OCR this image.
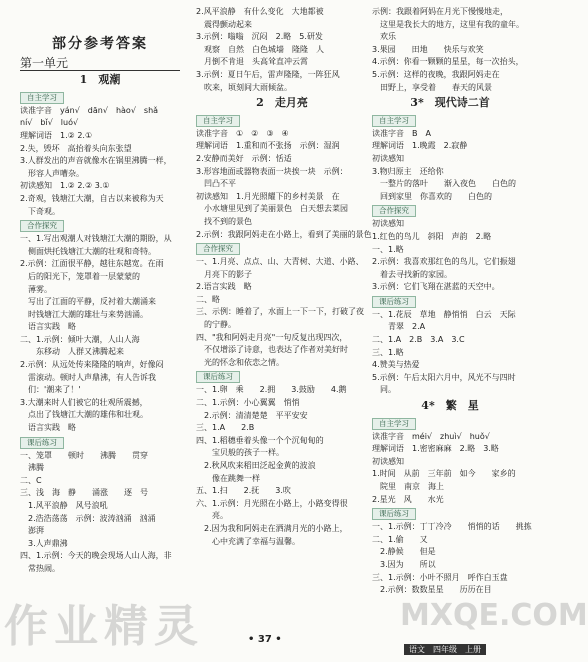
部分参考答案
第一单元
1　观潮
自主学习
读准字音　yán√　dān√　hào√　shǎ
ní√　bǐ√　luó√
理解词语　1.② 2.①
2.失，毁坏　高抬着头向东张望
3.人群发出的声音就像水在锅里沸腾一样，
　形容人声嘈杂。
初读感知　1.② 2.② 3.①
2.奇观，钱塘江大潮，自古以来被称为天
　下奇观。
合作探究
一、1.写出观潮人对钱塘江大潮的期盼，从
　侧面烘托钱塘江大潮的壮观和奇特。
2.示例：江面很平静，越往东越宽。在雨
　后的阳光下，笼罩着一层蒙蒙的
　薄雾。
　写出了江面的平静，反衬着大潮涌来
　时钱塘江大潮的雄壮与来势汹涌。
　语言实践　略
二、1.示例：倾叶大潮，人山人海
　　东移动　人群又沸腾起来
2.示例：从远处传来隆隆的响声，好像闷
　雷滚动。顿时人声鼎沸，有人告诉我
　们：'潮来了！'
3.大潮来时人们被它的壮观所震撼，
　点出了钱塘江大潮的雄伟和壮观。
　语言实践　略
课后练习
一、笼罩　　顿时　　沸腾　　贯穿
　沸腾
二、C
三、浅　海　静　　涌涨　　逐　号
　1.风平浪静　风号浪吼
　2.浩浩荡荡　示例：波涛汹涌　汹涌
　澎湃
　3.人声鼎沸
四、1.示例：今天的晚会现场人山人海，非
　常热闹。
2.风平浪静　有什么变化　大地都被
　震得颤动起来
3.示例：嗡嗡　沉闷　2.略　5.研发
　观察　自然　白色城墙　隆隆　人
　月倒不肯退　头高耸直冲云霄
3.示例：夏日午后，雷声隆隆，一阵狂风
　吹来，顷刻间大雨倾盆。
2　走月亮
自主学习
读准字音　①　②　③　④
理解词语　1.重和而不张扬　示例：湿润
2.安静而美好　示例：恬适
3.形容地面或器物表面一块挨一块　示例：
　凹凸不平
初读感知　1.月光照耀下的乡村美景　在
　小水塘里见到了美丽景色　白天想去菜园
　找不到的景色
2.示例：我跟阿妈走在小路上，看到了美丽的景色
合作探究
一、1.月亮、点点、山、大青树、大道、小路、
　月亮下的影子
2.语言实践　略
二、略
三、示例：睡着了，水面上一下一下，打破了夜
　的宁静。
四、"我和阿妈走月亮"一句反复出现四次，
　不仅增添了诗意，也表达了作者对美好时
　光的怀念和依恋之情。
课后练习
一、1.卵　乘　　2.拥　　3.鼓励　　4.鹅
二、1.示例：小心翼翼　悄悄
　2.示例：清清楚楚　平平安安
三、1.A　　2.B
四、1.稻穗垂着头像一个个沉甸甸的
　　宝贝般的孩子一样。
　2.秋风吹来稻田泛起金黄的波浪
　　像在跳舞一样
五、1.扫　　2.抚　　3.吹
六、1.示例：月光照在小路上，小路变得很
　　亮。
　2.因为我和阿妈走在洒满月光的小路上，
　　心中充满了幸福与温馨。
示例：我跟着阿妈在月光下慢慢地走，
　这里是我长大的地方，这里有我的童年。
　欢乐
3.果园　　田地　　快乐与欢笑
4.示例：你看一颗颗的星星，每一次抬头，
5.示例：这样的夜晚，我跟阿妈走在
　田野上，享受着　　春天的风景
3*　现代诗二首
自主学习
读准字音　B　A
理解词语　1.晚霞　2.寂静
初读感知
3.物归原主　还给你
　一整片的落叶　　渐入夜色　　白色的
　回到家里　你喜欢的　　白色的
合作探究
初读感知
1.红色的鸟儿　斜阳　声韵　2.略
一、1.略
2.示例：我喜欢那红色的鸟儿，它们振翅
　着去寻找新的家园。
3.示例：它们飞翔在湛蓝的天空中。
课后练习
一、1.花辰　草地　静悄悄　白云　天际
　　青翠　2.A
二、1.A　2.B　3.A　3.C
三、1.略
4.赞美与热爱
5.示例：午后太阳六月中，风光不与四时
　同。
4*　繁　星
自主学习
读准字音　méi√　zhuì√　huǒ√
理解词语　1.密密麻麻　2.略　3.略
初读感知
1.时间　从前　三年前　如今　　家乡的
　院里　南京　海上
2.星光　风　　水光
课后练习
一、1.示例：丁丁冷冷　　悄悄的话　　挑拣
二、1.偷　　又
　2.静候　　但是
　3.因为　　所以
三、1.示例：小叶不照月　呼作白玉盘
　2.示例：数数星星　　历历在目
• 37 •
语文　四年级　上册
作业精灵	MXQE.COM
